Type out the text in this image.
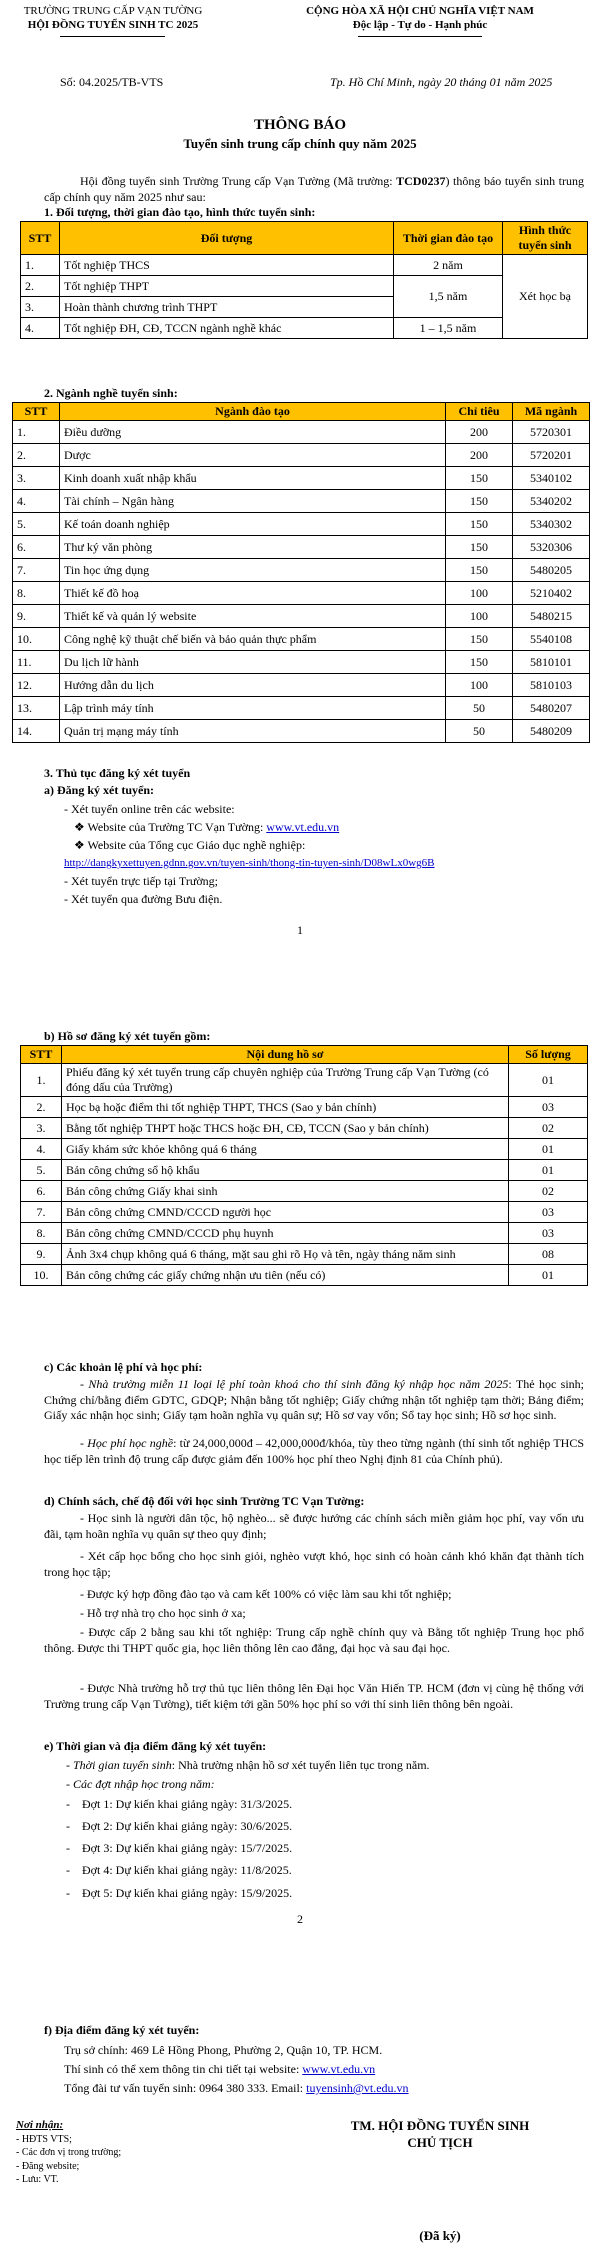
TRƯỜNG TRUNG CẤP VẠN TƯỜNG
HỘI ĐỒNG TUYỂN SINH TC 2025
CỘNG HÒA XÃ HỘI CHỦ NGHĨA VIỆT NAM
Độc lập - Tự do - Hạnh phúc
Số: 04.2025/TB-VTS	Tp. Hồ Chí Minh, ngày 20 tháng 01 năm 2025
THÔNG BÁO
Tuyển sinh trung cấp chính quy năm 2025
Hội đồng tuyển sinh Trường Trung cấp Vạn Tường (Mã trường: TCD0237) thông báo tuyển sinh trung cấp chính quy năm 2025 như sau:
1. Đối tượng, thời gian đào tạo, hình thức tuyển sinh:
STT	Đối tượng	Thời gian đào tạo	Hình thức tuyển sinh
1.	Tốt nghiệp THCS	2 năm	Xét học bạ
2.	Tốt nghiệp THPT	1,5 năm	
3.	Hoàn thành chương trình THPT		
4.	Tốt nghiệp ĐH, CĐ, TCCN ngành nghề khác	1 – 1,5 năm	
2. Ngành nghề tuyển sinh:
STT	Ngành đào tạo	Chỉ tiêu	Mã ngành
1.	Điều dưỡng	200	5720301
2.	Dược	200	5720201
3.	Kinh doanh xuất nhập khẩu	150	5340102
4.	Tài chính – Ngân hàng	150	5340202
5.	Kế toán doanh nghiệp	150	5340302
6.	Thư ký văn phòng	150	5320306
7.	Tin học ứng dụng	150	5480205
8.	Thiết kế đồ hoạ	100	5210402
9.	Thiết kế và quản lý website	100	5480215
10.	Công nghệ kỹ thuật chế biến và bảo quản thực phẩm	150	5540108
11.	Du lịch lữ hành	150	5810101
12.	Hướng dẫn du lịch	100	5810103
13.	Lập trình máy tính	50	5480207
14.	Quản trị mạng máy tính	50	5480209
3. Thủ tục đăng ký xét tuyển
a) Đăng ký xét tuyển:
- Xét tuyển online trên các website:
❖ Website của Trường TC Vạn Tường: www.vt.edu.vn
❖ Website của Tổng cục Giáo dục nghề nghiệp:
http://dangkyxettuyen.gdnn.gov.vn/tuyen-sinh/thong-tin-tuyen-sinh/D08wLx0wg6B
- Xét tuyển trực tiếp tại Trường;
- Xét tuyển qua đường Bưu điện.
1
b) Hồ sơ đăng ký xét tuyển gồm:
STT	Nội dung hồ sơ	Số lượng
1.	Phiếu đăng ký xét tuyển trung cấp chuyên nghiệp của Trường Trung cấp Vạn Tường (có đóng dấu của Trường)	01
2.	Học bạ hoặc điểm thi tốt nghiệp THPT, THCS (Sao y bản chính)	03
3.	Bằng tốt nghiệp THPT hoặc THCS hoặc ĐH, CĐ, TCCN (Sao y bản chính)	02
4.	Giấy khám sức khỏe không quá 6 tháng	01
5.	Bản công chứng sổ hộ khẩu	01
6.	Bản công chứng Giấy khai sinh	02
7.	Bản công chứng CMND/CCCD người học	03
8.	Bản công chứng CMND/CCCD phụ huynh	03
9.	Ảnh 3x4 chụp không quá 6 tháng, mặt sau ghi rõ Họ và tên, ngày tháng năm sinh	08
10.	Bản công chứng các giấy chứng nhận ưu tiên (nếu có)	01
c) Các khoản lệ phí và học phí:
- Nhà trường miễn 11 loại lệ phí toàn khoá cho thí sinh đăng ký nhập học năm 2025: Thẻ học sinh; Chứng chỉ/bằng điểm GDTC, GDQP; Nhận bằng tốt nghiệp; Giấy chứng nhận tốt nghiệp tạm thời; Bảng điểm; Giấy xác nhận học sinh; Giấy tạm hoãn nghĩa vụ quân sự; Hồ sơ vay vốn; Sổ tay học sinh; Hồ sơ học sinh.
- Học phí học nghề: từ 24,000,000đ – 42,000,000đ/khóa, tùy theo từng ngành (thí sinh tốt nghiệp THCS học tiếp lên trình độ trung cấp được giảm đến 100% học phí theo Nghị định 81 của Chính phủ).
d) Chính sách, chế độ đối với học sinh Trường TC Vạn Tường:
- Học sinh là người dân tộc, hộ nghèo... sẽ được hướng các chính sách miễn giảm học phí, vay vốn ưu đãi, tạm hoãn nghĩa vụ quân sự theo quy định;
- Xét cấp học bổng cho học sinh giỏi, nghèo vượt khó, học sinh có hoàn cảnh khó khăn đạt thành tích trong học tập;
- Được ký hợp đồng đào tạo và cam kết 100% có việc làm sau khi tốt nghiệp;
- Hỗ trợ nhà trọ cho học sinh ở xa;
- Được cấp 2 bằng sau khi tốt nghiệp: Trung cấp nghề chính quy và Bằng tốt nghiệp Trung học phổ thông. Được thi THPT quốc gia, học liên thông lên cao đẳng, đại học và sau đại học.
- Được Nhà trường hỗ trợ thủ tục liên thông lên Đại học Văn Hiến TP. HCM (đơn vị cùng hệ thống với Trường trung cấp Vạn Tường), tiết kiệm tới gần 50% học phí so với thí sinh liên thông bên ngoài.
e) Thời gian và địa điểm đăng ký xét tuyển:
- Thời gian tuyển sinh: Nhà trường nhận hồ sơ xét tuyển liên tục trong năm.
- Các đợt nhập học trong năm:
-    Đợt 1: Dự kiến khai giảng ngày: 31/3/2025.
-    Đợt 2: Dự kiến khai giảng ngày: 30/6/2025.
-    Đợt 3: Dự kiến khai giảng ngày: 15/7/2025.
-    Đợt 4: Dự kiến khai giảng ngày: 11/8/2025.
-    Đợt 5: Dự kiến khai giảng ngày: 15/9/2025.
2
f) Địa điểm đăng ký xét tuyển:
Trụ sở chính: 469 Lê Hồng Phong, Phường 2, Quận 10, TP. HCM.
Thí sinh có thể xem thông tin chi tiết tại website: www.vt.edu.vn
Tổng đài tư vấn tuyển sinh: 0964 380 333. Email: tuyensinh@vt.edu.vn
Nơi nhận:
- HĐTS VTS;
- Các đơn vị trong trường;
- Đăng website;
- Lưu: VT.
TM. HỘI ĐỒNG TUYỂN SINH
CHỦ TỊCH
(Đã ký)
